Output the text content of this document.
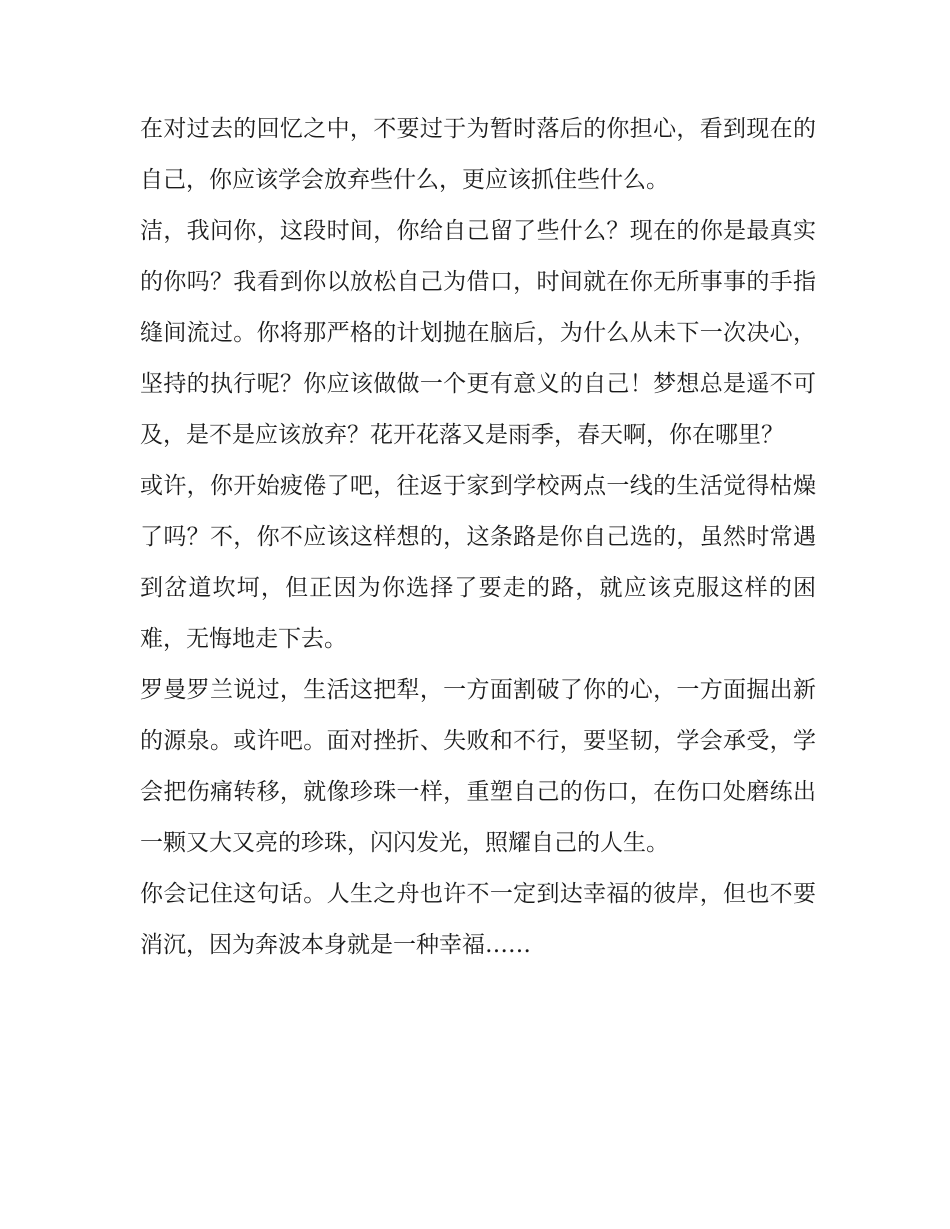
在对过去的回忆之中，不要过于为暂时落后的你担心，看到现在的自己，你应该学会放弃些什么，更应该抓住些什么。

洁，我问你，这段时间，你给自己留了些什么？现在的你是最真实的你吗？我看到你以放松自己为借口，时间就在你无所事事的手指缝间流过。你将那严格的计划抛在脑后，为什么从未下一次决心，坚持的执行呢？你应该做做一个更有意义的自己！梦想总是遥不可及，是不是应该放弃？花开花落又是雨季，春天啊，你在哪里？

或许，你开始疲倦了吧，往返于家到学校两点一线的生活觉得枯燥了吗？不，你不应该这样想的，这条路是你自己选的，虽然时常遇到岔道坎坷，但正因为你选择了要走的路，就应该克服这样的困难，无悔地走下去。

罗曼罗兰说过，生活这把犁，一方面割破了你的心，一方面掘出新的源泉。或许吧。面对挫折、失败和不行，要坚韧，学会承受，学会把伤痛转移，就像珍珠一样，重塑自己的伤口，在伤口处磨练出一颗又大又亮的珍珠，闪闪发光，照耀自己的人生。

你会记住这句话。人生之舟也许不一定到达幸福的彼岸，但也不要消沉，因为奔波本身就是一种幸福……
